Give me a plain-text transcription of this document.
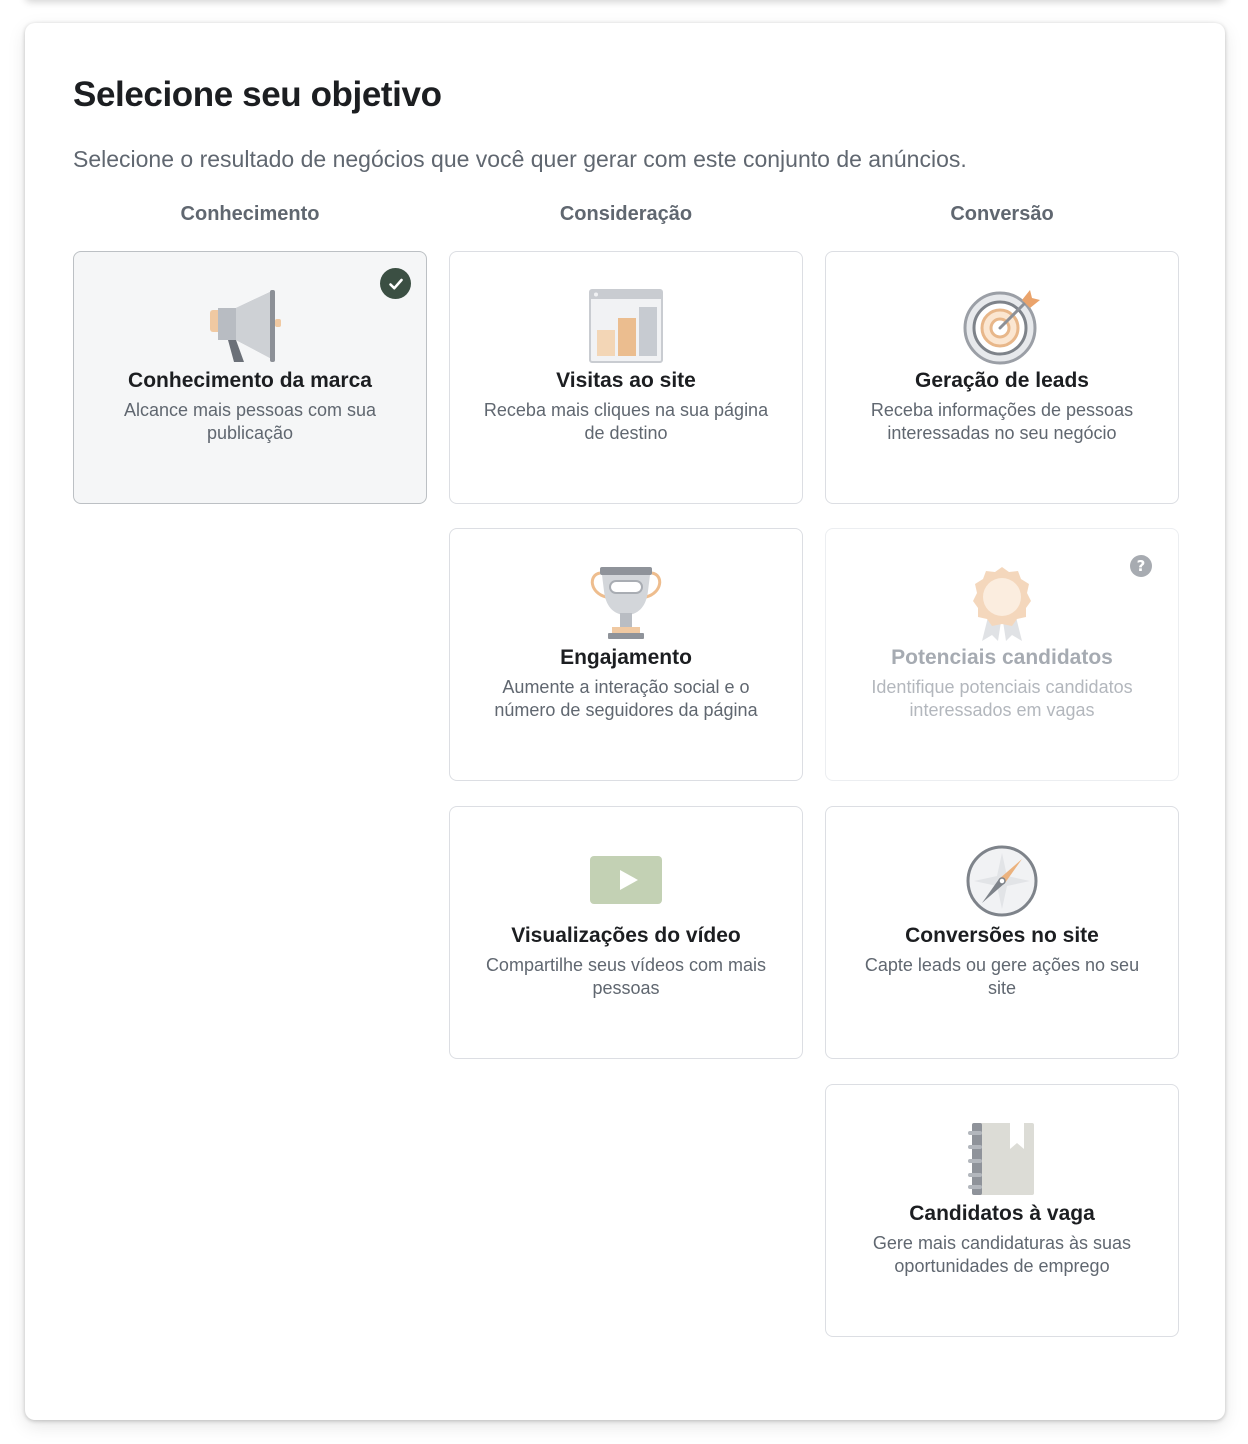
Selecione seu objetivo

Selecione o resultado de negócios que você quer gerar com este conjunto de anúncios.

Conhecimento	Consideração	Conversão
Conhecimento da marca
Alcance mais pessoas com sua publicação
Visitas ao site
Receba mais cliques na sua página de destino
Geração de leads
Receba informações de pessoas interessadas no seu negócio
Engajamento
Aumente a interação social e o número de seguidores da página
?
Potenciais candidatos
Identifique potenciais candidatos interessados em vagas
Visualizações do vídeo
Compartilhe seus vídeos com mais pessoas
Conversões no site
Capte leads ou gere ações no seu site
Candidatos à vaga
Gere mais candidaturas às suas oportunidades de emprego
